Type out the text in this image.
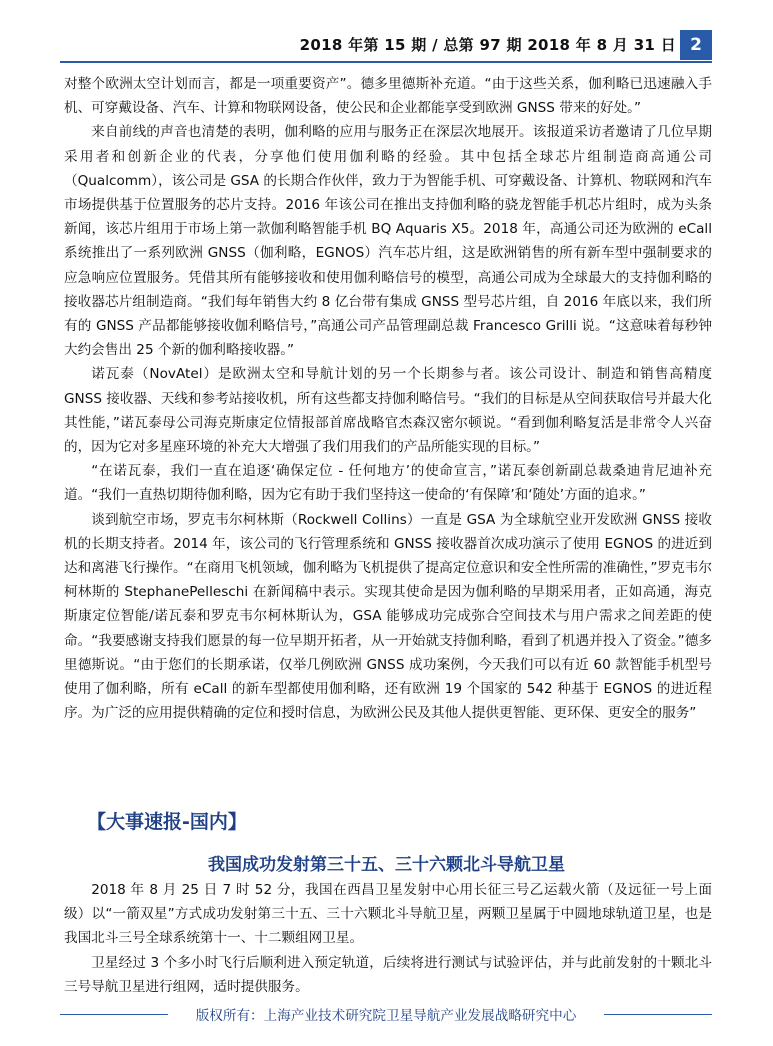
2018 年第 15 期 / 总第 97 期 2018 年 8 月 31 日 2

对整个欧洲太空计划而言，都是一项重要资产”。德多里德斯补充道。“由于这些关系，伽利略已迅速融入手机、可穿戴设备、汽车、计算和物联网设备，使公民和企业都能享受到欧洲 GNSS 带来的好处。”

来自前线的声音也清楚的表明，伽利略的应用与服务正在深层次地展开。该报道采访者邀请了几位早期采用者和创新企业的代表，分享他们使用伽利略的经验。其中包括全球芯片组制造商高通公司（Qualcomm），该公司是 GSA 的长期合作伙伴，致力于为智能手机、可穿戴设备、计算机、物联网和汽车市场提供基于位置服务的芯片支持。2016 年该公司在推出支持伽利略的骁龙智能手机芯片组时，成为头条新闻，该芯片组用于市场上第一款伽利略智能手机 BQ Aquaris X5。2018 年，高通公司还为欧洲的 eCall 系统推出了一系列欧洲 GNSS（伽利略，EGNOS）汽车芯片组，这是欧洲销售的所有新车型中强制要求的应急响应位置服务。凭借其所有能够接收和使用伽利略信号的模型，高通公司成为全球最大的支持伽利略的接收器芯片组制造商。“我们每年销售大约 8 亿台带有集成 GNSS 型号芯片组，自 2016 年底以来，我们所有的 GNSS 产品都能够接收伽利略信号，”高通公司产品管理副总裁 Francesco Grilli 说。“这意味着每秒钟大约会售出 25 个新的伽利略接收器。”

诺瓦泰（NovAtel）是欧洲太空和导航计划的另一个长期参与者。该公司设计、制造和销售高精度 GNSS 接收器、天线和参考站接收机，所有这些都支持伽利略信号。“我们的目标是从空间获取信号并最大化其性能，”诺瓦泰母公司海克斯康定位情报部首席战略官杰森汉密尔顿说。“看到伽利略复活是非常令人兴奋的，因为它对多星座环境的补充大大增强了我们用我们的产品所能实现的目标。”

“在诺瓦泰，我们一直在追逐‘确保定位 - 任何地方’的使命宣言，”诺瓦泰创新副总裁桑迪肯尼迪补充道。“我们一直热切期待伽利略，因为它有助于我们坚持这一使命的‘有保障’和‘随处’方面的追求。”

谈到航空市场，罗克韦尔柯林斯（Rockwell Collins）一直是 GSA 为全球航空业开发欧洲 GNSS 接收机的长期支持者。2014 年，该公司的飞行管理系统和 GNSS 接收器首次成功演示了使用 EGNOS 的进近到达和离港飞行操作。“在商用飞机领域，伽利略为飞机提供了提高定位意识和安全性所需的准确性，”罗克韦尔柯林斯的 StephanePelleschi 在新闻稿中表示。实现其使命是因为伽利略的早期采用者，正如高通，海克斯康定位智能/诺瓦泰和罗克韦尔柯林斯认为，GSA 能够成功完成弥合空间技术与用户需求之间差距的使命。“我要感谢支持我们愿景的每一位早期开拓者，从一开始就支持伽利略，看到了机遇并投入了资金。”德多里德斯说。“由于您们的长期承诺，仅举几例欧洲 GNSS 成功案例，今天我们可以有近 60 款智能手机型号使用了伽利略，所有 eCall 的新车型都使用伽利略，还有欧洲 19 个国家的 542 种基于 EGNOS 的进近程序。为广泛的应用提供精确的定位和授时信息，为欧洲公民及其他人提供更智能、更环保、更安全的服务”

【大事速报-国内】
我国成功发射第三十五、三十六颗北斗导航卫星

2018 年 8 月 25 日 7 时 52 分，我国在西昌卫星发射中心用长征三号乙运载火箭（及远征一号上面级）以“一箭双星”方式成功发射第三十五、三十六颗北斗导航卫星，两颗卫星属于中圆地球轨道卫星，也是我国北斗三号全球系统第十一、十二颗组网卫星。

卫星经过 3 个多小时飞行后顺利进入预定轨道，后续将进行测试与试验评估，并与此前发射的十颗北斗三号导航卫星进行组网，适时提供服务。

版权所有：上海产业技术研究院卫星导航产业发展战略研究中心
